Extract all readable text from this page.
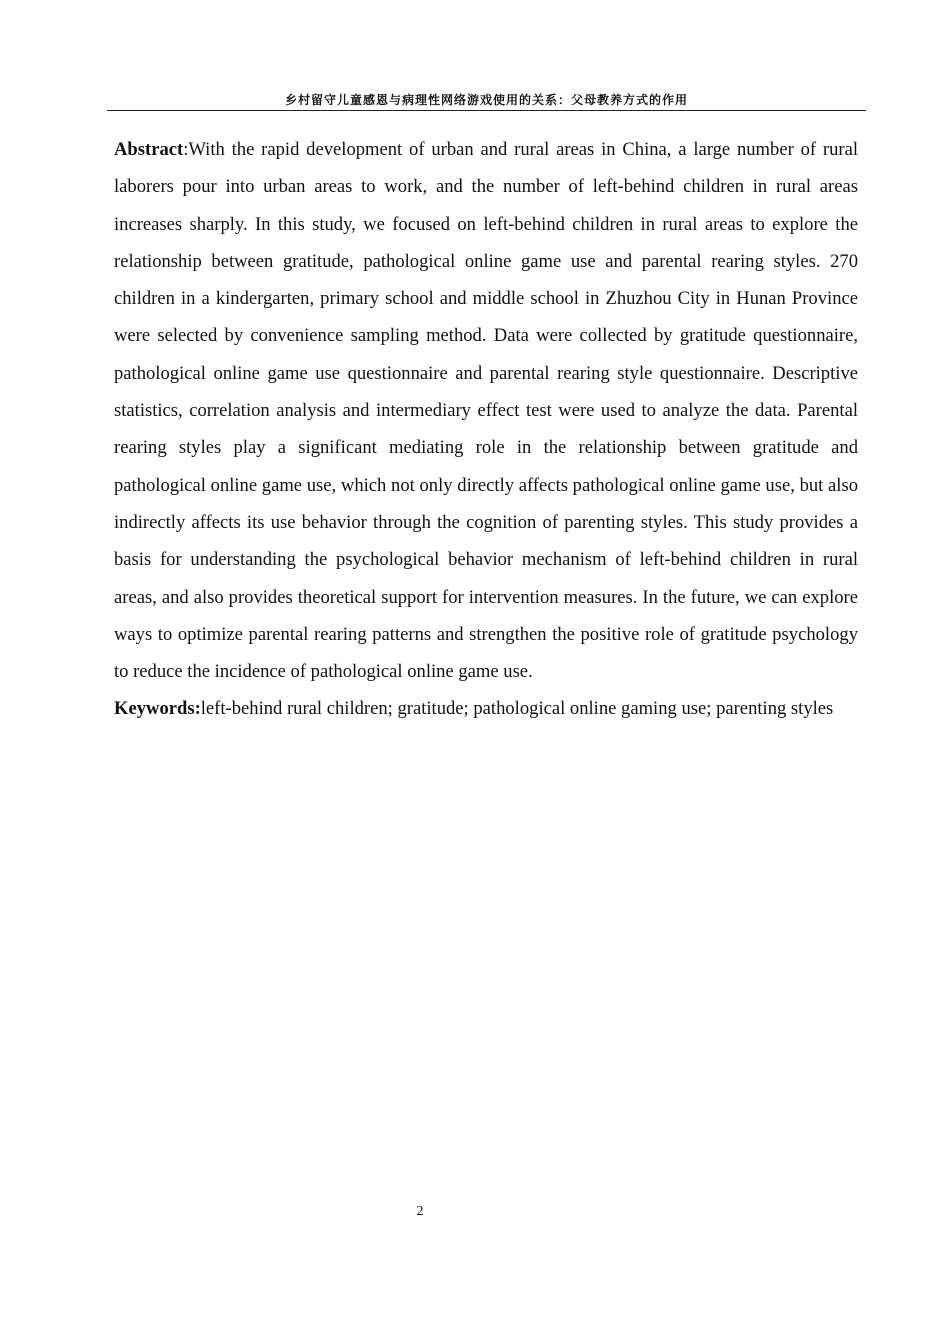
乡村留守儿童感恩与病理性网络游戏使用的关系：父母教养方式的作用

Abstract:With the rapid development of urban and rural areas in China, a large number of rural laborers pour into urban areas to work, and the number of left-behind children in rural areas increases sharply. In this study, we focused on left-behind children in rural areas to explore the relationship between gratitude, pathological online game use and parental rearing styles. 270 children in a kindergarten, primary school and middle school in Zhuzhou City in Hunan Province were selected by convenience sampling method. Data were collected by gratitude questionnaire, pathological online game use questionnaire and parental rearing style questionnaire. Descriptive statistics, correlation analysis and intermediary effect test were used to analyze the data. Parental rearing styles play a significant mediating role in the relationship between gratitude and pathological online game use, which not only directly affects pathological online game use, but also indirectly affects its use behavior through the cognition of parenting styles. This study provides a basis for understanding the psychological behavior mechanism of left-behind children in rural areas, and also provides theoretical support for intervention measures. In the future, we can explore ways to optimize parental rearing patterns and strengthen the positive role of gratitude psychology to reduce the incidence of pathological online game use.

Keywords:left-behind rural children; gratitude; pathological online gaming use; parenting styles

2
